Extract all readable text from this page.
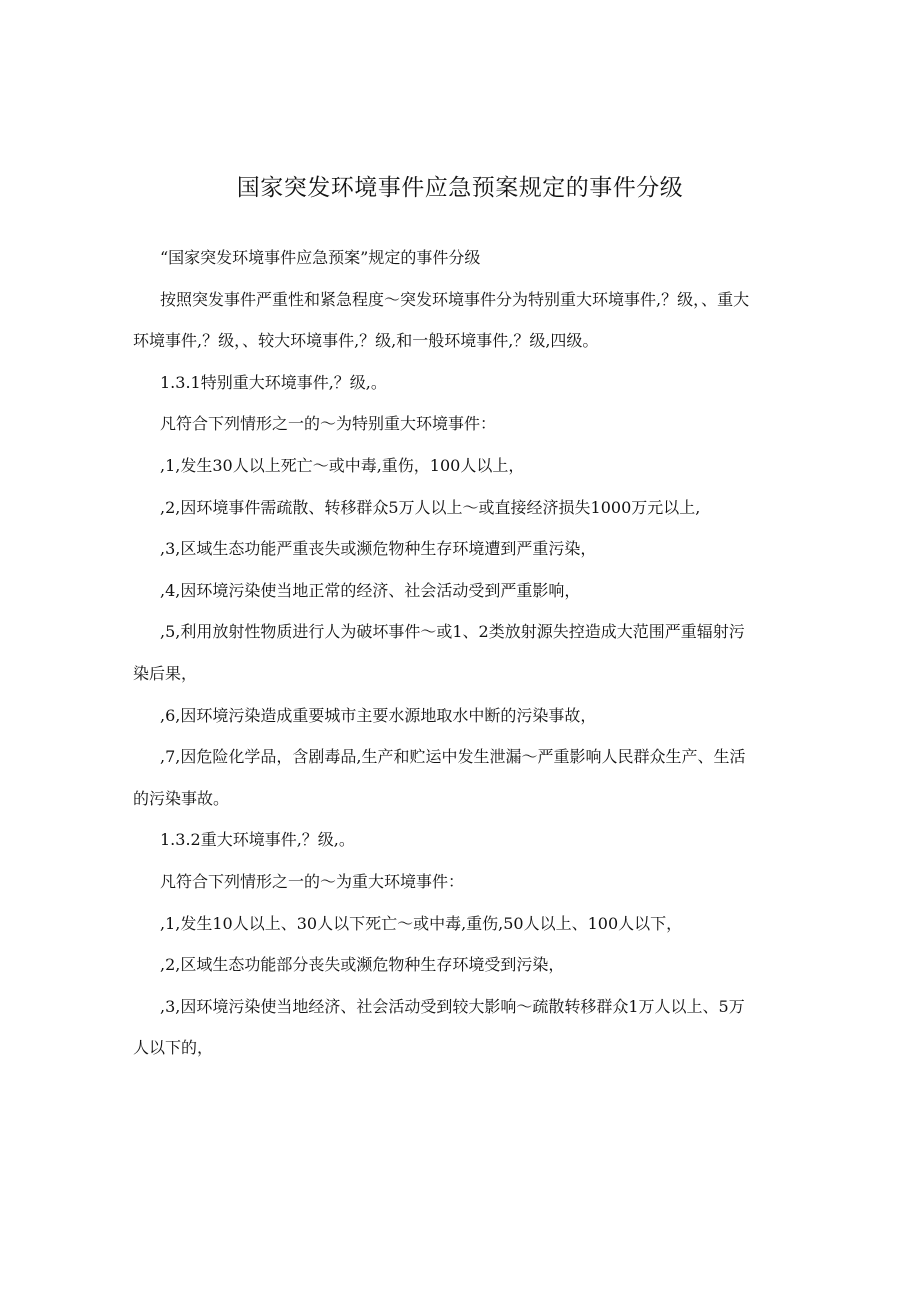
国家突发环境事件应急预案规定的事件分级

“国家突发环境事件应急预案”规定的事件分级

按照突发事件严重性和紧急程度～突发环境事件分为特别重大环境事件,？级，、重大环境事件,？级，、较大环境事件,？级,和一般环境事件,？级,四级。

1.3.1特别重大环境事件,？级,。

凡符合下列情形之一的～为特别重大环境事件：

,1,发生30人以上死亡～或中毒,重伤，100人以上，

,2,因环境事件需疏散、转移群众5万人以上～或直接经济损失1000万元以上,

,3,区域生态功能严重丧失或濒危物种生存环境遭到严重污染，

,4,因环境污染使当地正常的经济、社会活动受到严重影响，

,5,利用放射性物质进行人为破坏事件～或1、2类放射源失控造成大范围严重辐射污染后果，

,6,因环境污染造成重要城市主要水源地取水中断的污染事故，

,7,因危险化学品，含剧毒品,生产和贮运中发生泄漏～严重影响人民群众生产、生活的污染事故。

1.3.2重大环境事件,？级,。

凡符合下列情形之一的～为重大环境事件：

,1,发生10人以上、30人以下死亡～或中毒,重伤,50人以上、100人以下，

,2,区域生态功能部分丧失或濒危物种生存环境受到污染，

,3,因环境污染使当地经济、社会活动受到较大影响～疏散转移群众1万人以上、5万人以下的，
